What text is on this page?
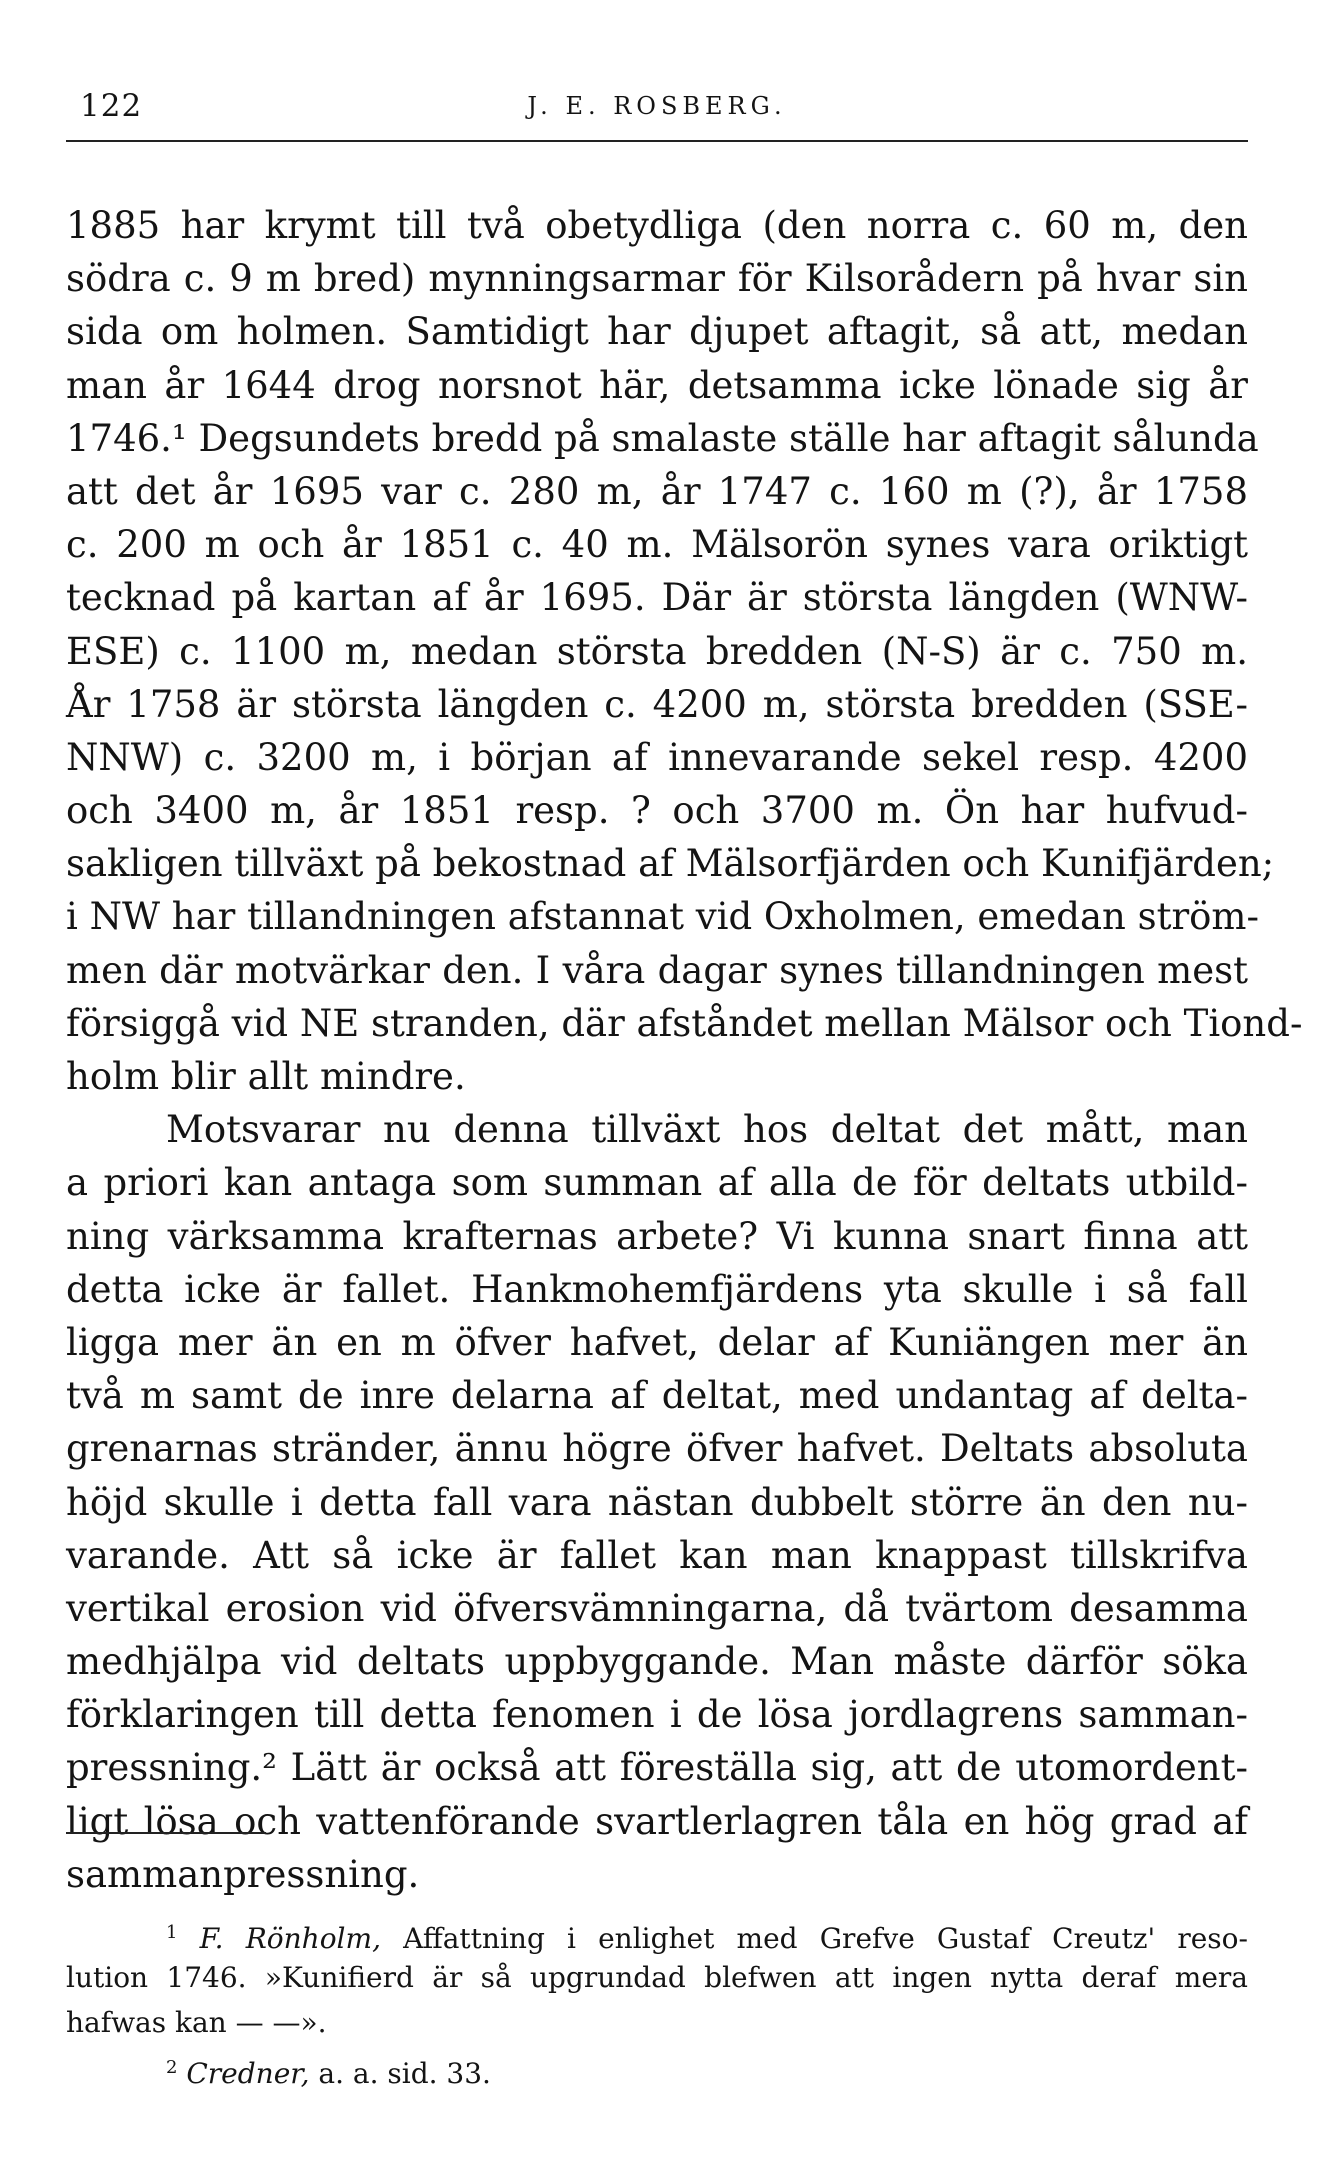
122	J. E. ROSBERG.
1885 har krymt till två obetydliga (den norra c. 60 m, den
södra c. 9 m bred) mynningsarmar för Kilsorådern på hvar sin
sida om holmen. Samtidigt har djupet aftagit, så att, medan
man år 1644 drog norsnot här, detsamma icke lönade sig år
1746.¹ Degsundets bredd på smalaste ställe har aftagit sålunda
att det år 1695 var c. 280 m, år 1747 c. 160 m (?), år 1758
c. 200 m och år 1851 c. 40 m. Mälsorön synes vara oriktigt
tecknad på kartan af år 1695. Där är största längden (WNW-
ESE) c. 1100 m, medan största bredden (N-S) är c. 750 m.
År 1758 är största längden c. 4200 m, största bredden (SSE-
NNW) c. 3200 m, i början af innevarande sekel resp. 4200
och 3400 m, år 1851 resp. ? och 3700 m. Ön har hufvud-
sakligen tillväxt på bekostnad af Mälsorfjärden och Kunifjärden;
i NW har tillandningen afstannat vid Oxholmen, emedan ström-
men där motvärkar den. I våra dagar synes tillandningen mest
försiggå vid NE stranden, där afståndet mellan Mälsor och Tiond-
holm blir allt mindre.
Motsvarar nu denna tillväxt hos deltat det mått, man
a priori kan antaga som summan af alla de för deltats utbild-
ning värksamma krafternas arbete? Vi kunna snart finna att
detta icke är fallet. Hankmohemfjärdens yta skulle i så fall
ligga mer än en m öfver hafvet, delar af Kuniängen mer än
två m samt de inre delarna af deltat, med undantag af delta-
grenarnas stränder, ännu högre öfver hafvet. Deltats absoluta
höjd skulle i detta fall vara nästan dubbelt större än den nu-
varande. Att så icke är fallet kan man knappast tillskrifva
vertikal erosion vid öfversvämningarna, då tvärtom desamma
medhjälpa vid deltats uppbyggande. Man måste därför söka
förklaringen till detta fenomen i de lösa jordlagrens samman-
pressning.² Lätt är också att föreställa sig, att de utomordent-
ligt lösa och vattenförande svartlerlagren tåla en hög grad af
sammanpressning.
$^1$ F. Rönholm, Affattning i enlighet med Grefve Gustaf Creutz' reso-
lution 1746. »Kunifierd är så upgrundad blefwen att ingen nytta deraf mera
hafwas kan — —».
$^2$ Credner, a. a. sid. 33.
